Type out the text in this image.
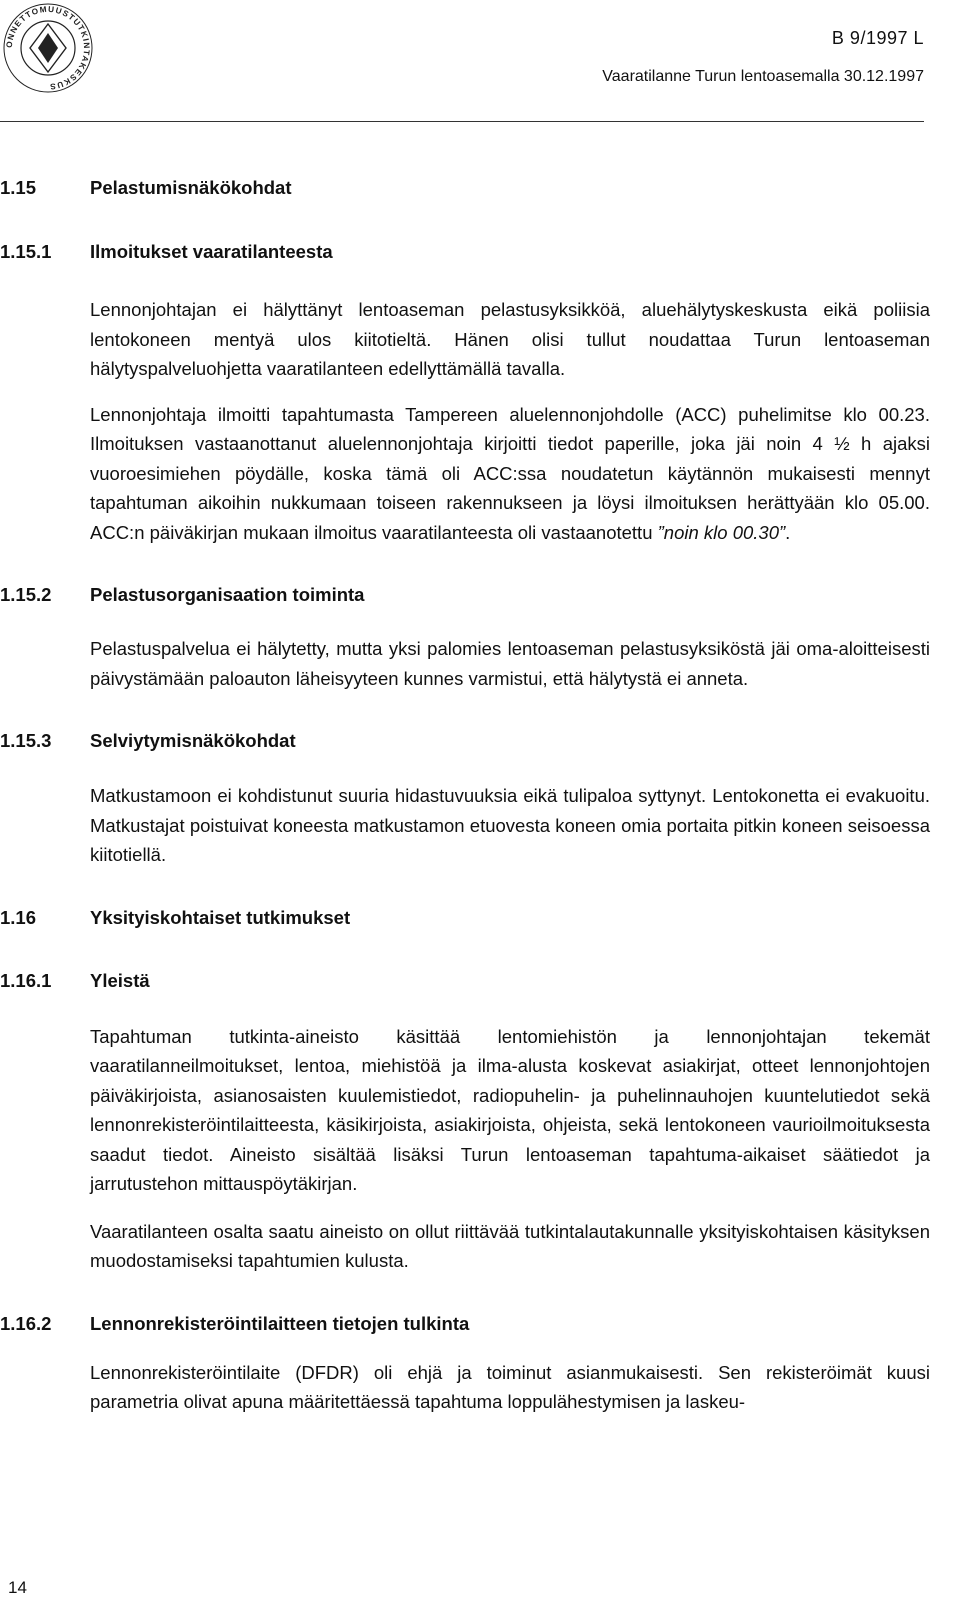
ONNETTOMUUSTUTKINTAKESKUS
B 9/1997 L
Vaaratilanne Turun lentoasemalla 30.12.1997
1.15	Pelastumisnäkökohdat
1.15.1	Ilmoitukset vaaratilanteesta

Lennonjohtajan ei hälyttänyt lentoaseman pelastusyksikköä, aluehälytyskeskusta eikä poliisia lentokoneen mentyä ulos kiitotieltä. Hänen olisi tullut noudattaa Turun lentoaseman hälytyspalveluohjetta vaaratilanteen edellyttämällä tavalla.

Lennonjohtaja ilmoitti tapahtumasta Tampereen aluelennonjohdolle (ACC) puhelimitse klo 00.23. Ilmoituksen vastaanottanut aluelennonjohtaja kirjoitti tiedot paperille, joka jäi noin 4 ½ h ajaksi vuoroesimiehen pöydälle, koska tämä oli ACC:ssa noudatetun käytännön mukaisesti mennyt tapahtuman aikoihin nukkumaan toiseen rakennukseen ja löysi ilmoituksen herättyään klo 05.00. ACC:n päiväkirjan mukaan ilmoitus vaaratilanteesta oli vastaanotettu ”noin klo 00.30”.

1.15.2	Pelastusorganisaation toiminta

Pelastuspalvelua ei hälytetty, mutta yksi palomies lentoaseman pelastusyksiköstä jäi oma-aloitteisesti päivystämään paloauton läheisyyteen kunnes varmistui, että hälytystä ei anneta.

1.15.3	Selviytymisnäkökohdat

Matkustamoon ei kohdistunut suuria hidastuvuuksia eikä tulipaloa syttynyt. Lentokonetta ei evakuoitu. Matkustajat poistuivat koneesta matkustamon etuovesta koneen omia portaita pitkin koneen seisoessa kiitotiellä.

1.16	Yksityiskohtaiset tutkimukset
1.16.1	Yleistä

Tapahtuman tutkinta-aineisto käsittää lentomiehistön ja lennonjohtajan tekemät vaaratilanneilmoitukset, lentoa, miehistöä ja ilma-alusta koskevat asiakirjat, otteet lennonjohtojen päiväkirjoista, asianosaisten kuulemistiedot, radiopuhelin- ja puhelinnauhojen kuuntelutiedot sekä lennonrekisteröintilaitteesta, käsikirjoista, asiakirjoista, ohjeista, sekä lentokoneen vaurioilmoituksesta saadut tiedot. Aineisto sisältää lisäksi Turun lentoaseman tapahtuma-aikaiset säätiedot ja jarrutustehon mittauspöytäkirjan.

Vaaratilanteen osalta saatu aineisto on ollut riittävää tutkintalautakunnalle yksityiskohtaisen käsityksen muodostamiseksi tapahtumien kulusta.

1.16.2	Lennonrekisteröintilaitteen tietojen tulkinta

Lennonrekisteröintilaite (DFDR) oli ehjä ja toiminut asianmukaisesti. Sen rekisteröimät kuusi parametria olivat apuna määritettäessä tapahtuma loppulähestymisen ja laskeu-

14
